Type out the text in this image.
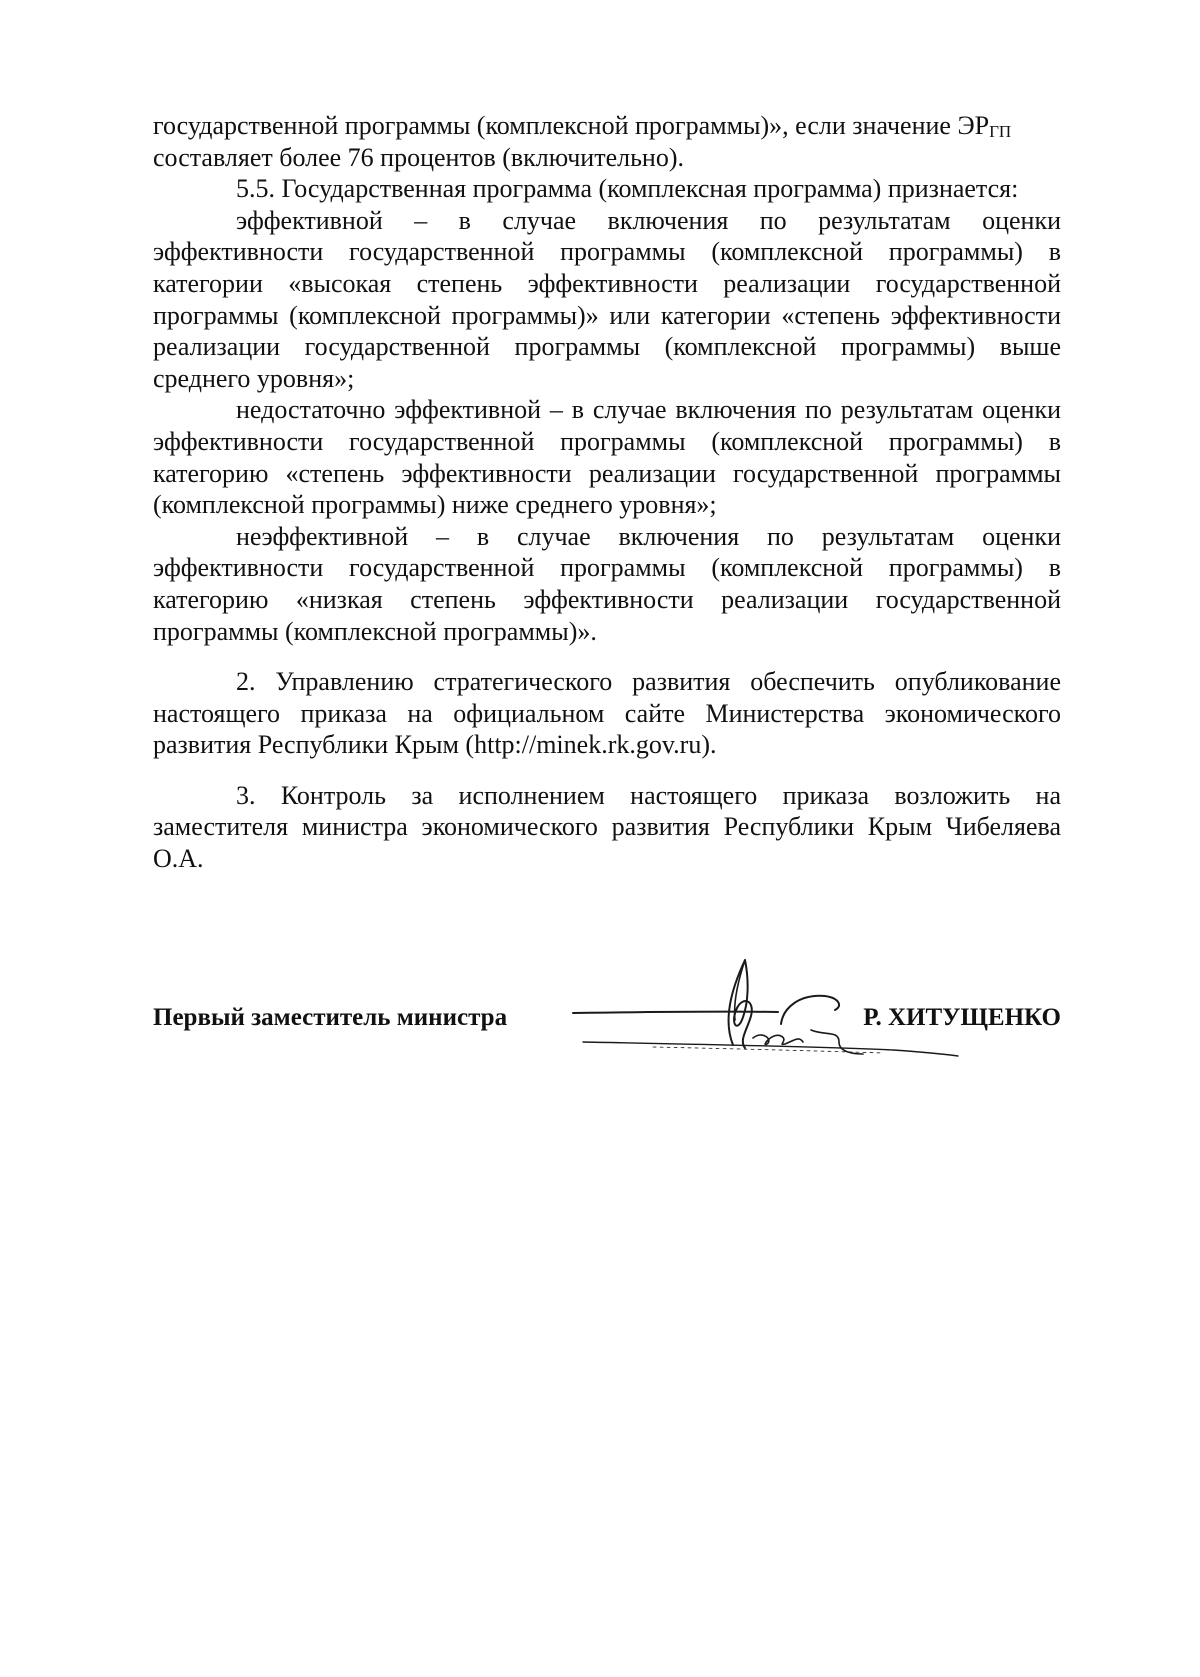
государственной программы (комплексной программы)», если значение $ЭР_{ГП}$
составляет более 76 процентов (включительно).

5.5. Государственная программа (комплексная программа) признается:

эффективной – в случае включения по результатам оценки эффективности государственной программы (комплексной программы) в категории «высокая степень эффективности реализации государственной программы (комплексной программы)» или категории «степень эффективности реализации государственной программы (комплексной программы) выше среднего уровня»;

недостаточно эффективной – в случае включения по результатам оценки эффективности государственной программы (комплексной программы) в категорию «степень эффективности реализации государственной программы (комплексной программы) ниже среднего уровня»;

неэффективной – в случае включения по результатам оценки эффективности государственной программы (комплексной программы) в категорию «низкая степень эффективности реализации государственной программы (комплексной программы)».

2. Управлению стратегического развития обеспечить опубликование настоящего приказа на официальном сайте Министерства экономического развития Республики Крым (http://minek.rk.gov.ru).

3. Контроль за исполнением настоящего приказа возложить на заместителя министра экономического развития Республики Крым Чибеляева О.А.

Первый заместитель министра	Р. ХИТУЩЕНКО
